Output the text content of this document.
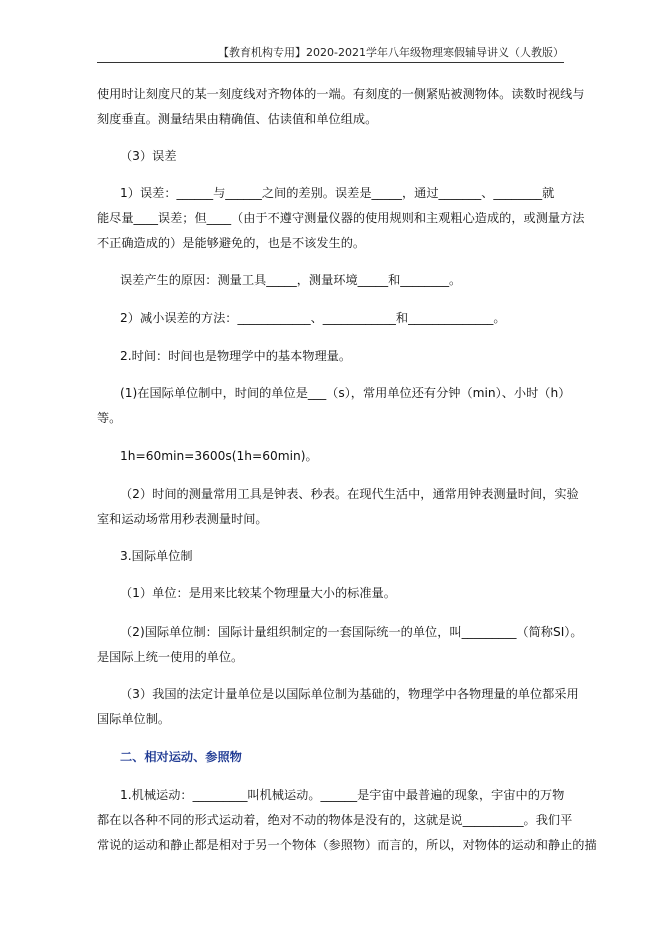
【教育机构专用】2020-2021学年八年级物理寒假辅导讲义（人教版）
使用时让刻度尺的某一刻度线对齐物体的一端。有刻度的一侧紧贴被测物体。读数时视线与
刻度垂直。测量结果由精确值、估读值和单位组成。
（3）误差
1）误差：______与______之间的差别。误差是_____，通过_______、________就
能尽量____误差；但____（由于不遵守测量仪器的使用规则和主观粗心造成的，或测量方法
不正确造成的）是能够避免的，也是不该发生的。
误差产生的原因：测量工具_____，测量环境_____和________。
2）减小误差的方法：____________、____________和______________。
2.时间：时间也是物理学中的基本物理量。
(1)在国际单位制中，时间的单位是___（s），常用单位还有分钟（min）、小时（h）
等。
1h=60min=3600s(1h=60min)。
（2）时间的测量常用工具是钟表、秒表。在现代生活中，通常用钟表测量时间，实验
室和运动场常用秒表测量时间。
3.国际单位制
（1）单位：是用来比较某个物理量大小的标准量。
（2)国际单位制：国际计量组织制定的一套国际统一的单位，叫_________（简称SI）。
是国际上统一使用的单位。
（3）我国的法定计量单位是以国际单位制为基础的，物理学中各物理量的单位都采用
国际单位制。
二、相对运动、参照物
1.机械运动：_________叫机械运动。______是宇宙中最普遍的现象，宇宙中的万物
都在以各种不同的形式运动着，绝对不动的物体是没有的，这就是说__________。我们平
常说的运动和静止都是相对于另一个物体（参照物）而言的，所以，对物体的运动和静止的描
